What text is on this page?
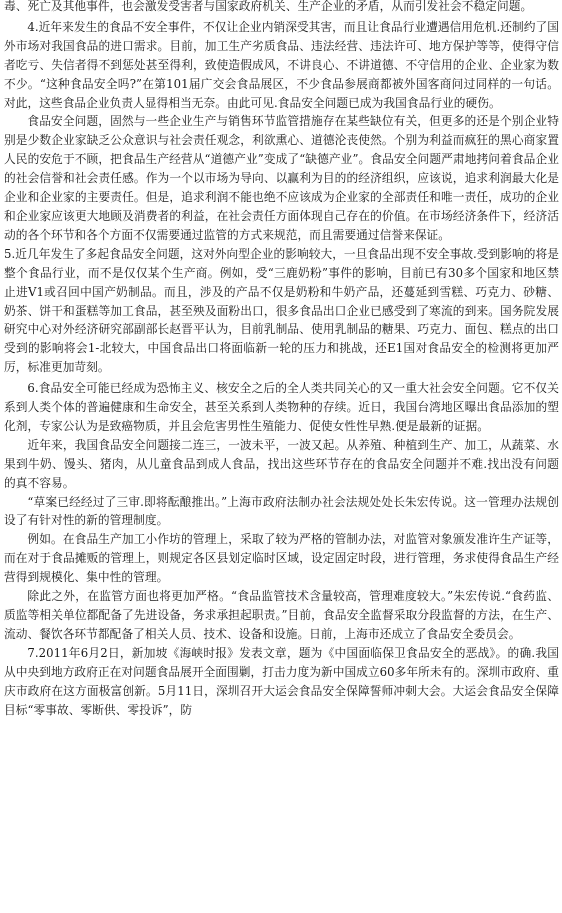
毒、死亡及其他事件，也会激发受害者与国家政府机关、生产企业的矛盾，从而引发社会不稳定问题。

4.近年来发生的食品不安全事件，不仅让企业内销深受其害，而且让食品行业遭遇信用危机.还制约了国外市场对我国食品的进口需求。目前，加工生产劣质食品、违法经营、违法许可、地方保护等等，使得守信者吃亏、失信者得不到惩处甚至得利，致使造假成风，不讲良心、不讲道德、不守信用的企业、企业家为数不少。“这种食品安全吗?”在第101届广交会食品展区，不少食品参展商都被外国客商问过同样的一句话。对此，这些食品企业负责人显得相当无奈。由此可见.食品安全问题已成为我国食品行业的硬伤。

食品安全问题，固然与一些企业生产与销售环节监管措施存在某些缺位有关，但更多的还是个别企业特别是少数企业家缺乏公众意识与社会责任观念，利欲熏心、道德沦丧使然。个别为利益而疯狂的黑心商家置人民的安危于不顾，把食品生产经营从“道德产业”变成了“缺德产业”。食品安全问题严肃地拷问着食品企业的社会信誉和社会责任感。作为一个以市场为导向、以赢利为目的的经济组织，应该说，追求利润最大化是企业和企业家的主要责任。但是，追求利润不能也绝不应该成为企业家的全部责任和唯一责任，成功的企业和企业家应该更大地顾及消费者的利益，在社会责任方面体现自己存在的价值。在市场经济条件下，经济活动的各个环节和各个方面不仅需要通过监管的方式来规范，而且需要通过信誉来保证。

5.近几年发生了多起食品安全问题，这对外向型企业的影响较大，一旦食品出现不安全事故.受到影响的将是整个食品行业，而不是仅仅某个生产商。例如，受“三鹿奶粉”事件的影响，目前已有30多个国家和地区禁止进V1或召回中国产奶制品。而且，涉及的产品不仅是奶粉和牛奶产品，还蔓延到雪糕、巧克力、砂糖、奶茶、饼干和蛋糕等加工食品，甚至殃及面粉出口，很多食品出口企业已感受到了寒流的到来。国务院发展研究中心对外经济研究部副部长赵晋平认为，目前乳制品、使用乳制品的糖果、巧克力、面包、糕点的出口受到的影响将会1-北较大，中国食品出口将面临新一轮的压力和挑战，还E1国对食品安全的检测将更加严厉，标准更加苛刻。

6.食品安全可能已经成为恐怖主义、核安全之后的全人类共同关心的又一重大社会安全问题。它不仅关系到人类个体的普遍健康和生命安全，甚至关系到人类物种的存续。近日，我国台湾地区曝出食品添加的塑化剂，专家公认为是致癌物质，并且会危害男性生殖能力、促使女性性早熟.便是最新的证据。

近年来，我国食品安全问题接二连三，一波未平，一波又起。从养殖、种植到生产、加工，从蔬菜、水果到牛奶、馒头、猪肉，从儿童食品到成人食品，找出这些环节存在的食品安全问题并不难.找出没有问题的真不容易。

“草案已经经过了三审.即将酝酿推出。”上海市政府法制办社会法规处处长朱宏传说。这一管理办法规创设了有针对性的新的管理制度。

例如。在食品生产加工小作坊的管理上，采取了较为严格的管制办法，对监管对象颁发准许生产证等，而在对于食品摊贩的管理上，则规定各区县划定临时区域，设定固定时段，进行管理，务求使得食品生产经营得到规模化、集中性的管理。

除此之外，在监管方面也将更加严格。“食品监管技术含量较高，管理难度较大。”朱宏传说.“食药监、质监等相关单位都配备了先进设备，务求承担起职责。”目前，食品安全监督采取分段监督的方法，在生产、流动、餐饮各环节都配备了相关人员、技术、设备和设施。日前，上海市还成立了食品安全委员会。

7.2011年6月2日，新加坡《海峡时报》发表文章，题为《中国面临保卫食品安全的恶战》。的确.我国从中央到地方政府正在对问题食品展开全面围剿，打击力度为新中国成立60多年所未有的。深圳市政府、重庆市政府在这方面极富创新。5月11日，深圳召开大运会食品安全保障誓师冲刺大会。大运会食品安全保障目标“零事故、零断供、零投诉”，防
